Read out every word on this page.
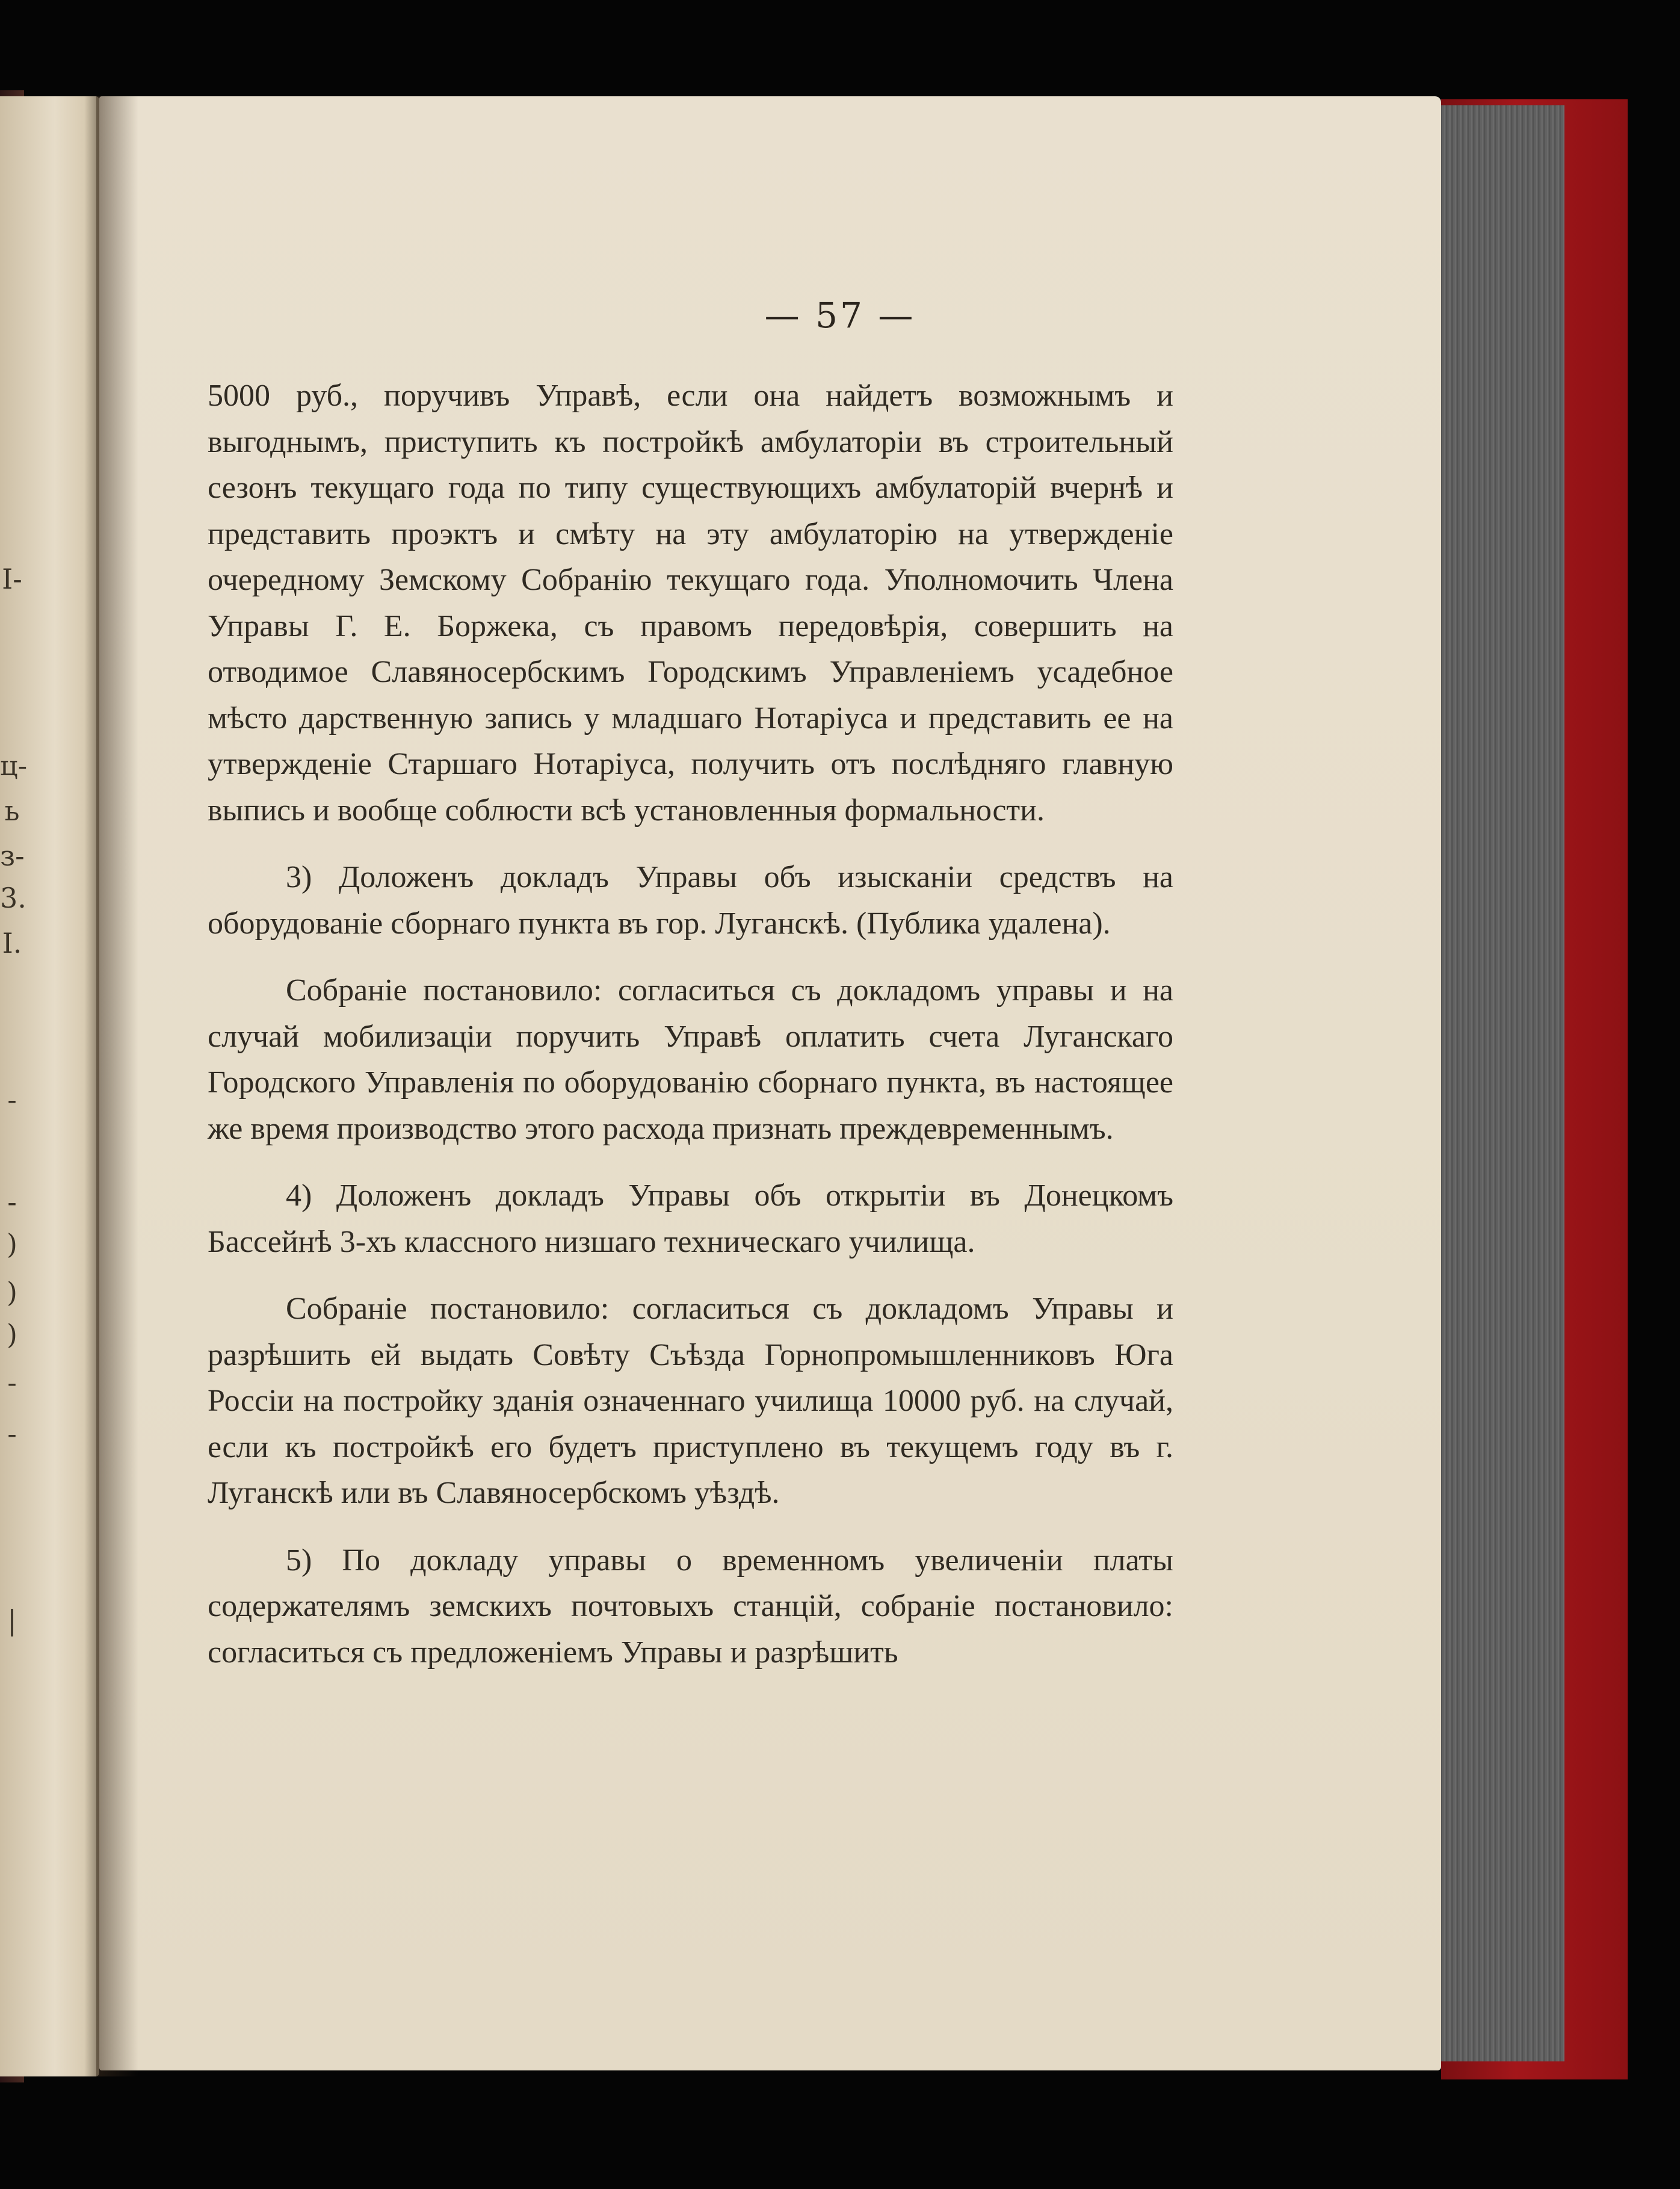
I-
ц-
ь
з-
3.
I.
-
-
)
)
)
-
-
|
— 57 —

5000 руб., поручивъ Управѣ, если она найдетъ возможнымъ и выгоднымъ, приступить къ постройкѣ амбулаторіи въ строительный сезонъ текущаго года по типу существующихъ амбулаторій вчернѣ и представить проэктъ и смѣту на эту амбулаторію на утвержденіе очередному Земскому Собранію текущаго года. Уполномочить Члена Управы Г. Е. Боржека, съ правомъ передовѣрія, совершить на отводимое Славяносербскимъ Городскимъ Управленіемъ усадебное мѣсто дарственную запись у младшаго Нотаріуса и представить ее на утвержденіе Старшаго Нотаріуса, получить отъ послѣдняго главную выпись и вообще соблюсти всѣ установленныя формальности.

3) Доложенъ докладъ Управы объ изысканіи средствъ на оборудованіе сборнаго пункта въ гор. Луганскѣ. (Публика удалена).

Собраніе постановило: согласиться съ докладомъ управы и на случай мобилизаціи поручить Управѣ оплатить счета Луганскаго Городского Управленія по оборудованію сборнаго пункта, въ настоящее же время производство этого расхода признать преждевременнымъ.

4) Доложенъ докладъ Управы объ открытіи въ Донецкомъ Бассейнѣ 3-хъ классного низшаго техническаго училища.

Собраніе постановило: согласиться съ докладомъ Управы и разрѣшить ей выдать Совѣту Съѣзда Горнопромышленниковъ Юга Россіи на постройку зданія означеннаго училища 10000 руб. на случай, если къ постройкѣ его будетъ приступлено въ текущемъ году въ г. Луганскѣ или въ Славяносербскомъ уѣздѣ.

5) По докладу управы о временномъ увеличеніи платы содержателямъ земскихъ почтовыхъ станцій, собраніе постановило: согласиться съ предложеніемъ Управы и разрѣшить
